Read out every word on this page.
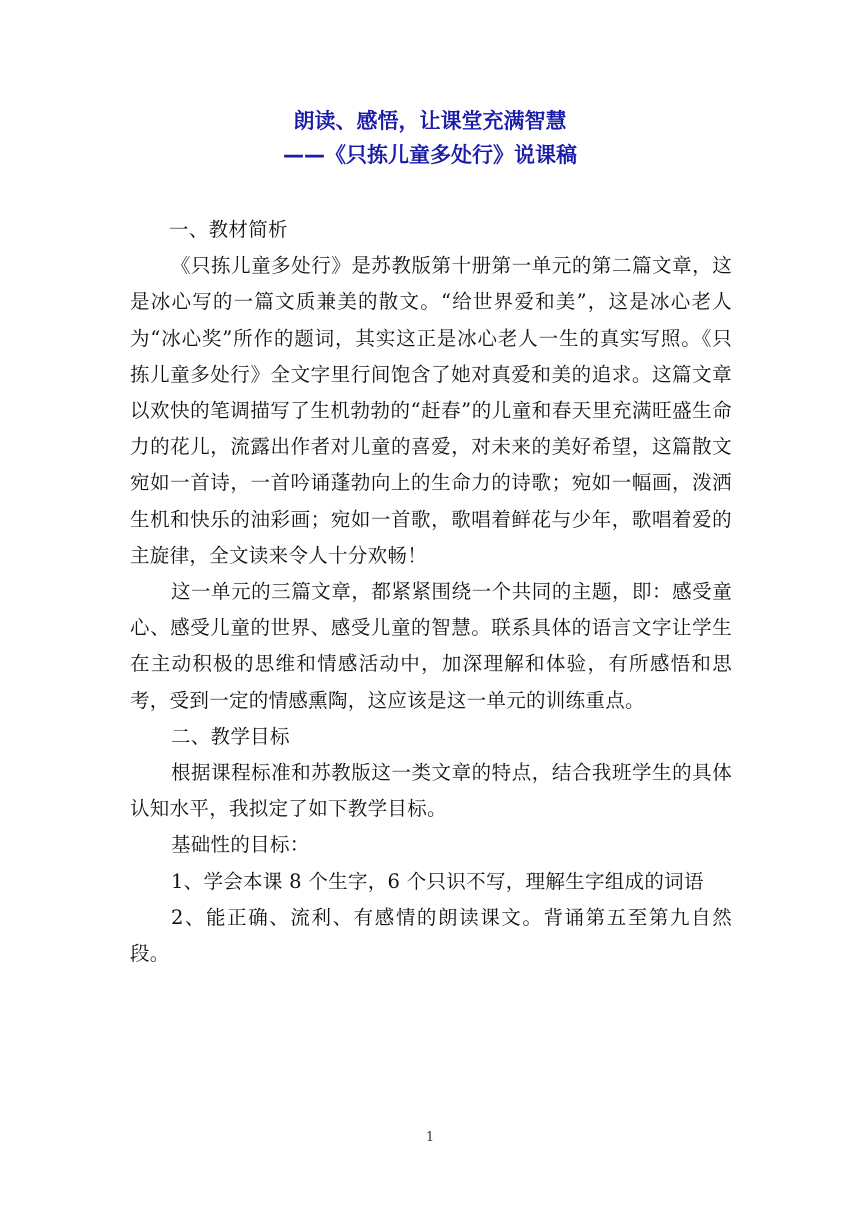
朗读、感悟，让课堂充满智慧
——《只拣儿童多处行》说课稿

一、教材简析

《只拣儿童多处行》是苏教版第十册第一单元的第二篇文章，这是冰心写的一篇文质兼美的散文。“给世界爱和美”，这是冰心老人为“冰心奖”所作的题词，其实这正是冰心老人一生的真实写照。《只拣儿童多处行》全文字里行间饱含了她对真爱和美的追求。这篇文章以欢快的笔调描写了生机勃勃的“赶春”的儿童和春天里充满旺盛生命力的花儿，流露出作者对儿童的喜爱，对未来的美好希望，这篇散文宛如一首诗，一首吟诵蓬勃向上的生命力的诗歌；宛如一幅画，泼洒生机和快乐的油彩画；宛如一首歌，歌唱着鲜花与少年，歌唱着爱的主旋律，全文读来令人十分欢畅！

这一单元的三篇文章，都紧紧围绕一个共同的主题，即：感受童心、感受儿童的世界、感受儿童的智慧。联系具体的语言文字让学生在主动积极的思维和情感活动中，加深理解和体验，有所感悟和思考，受到一定的情感熏陶，这应该是这一单元的训练重点。

二、教学目标

根据课程标准和苏教版这一类文章的特点，结合我班学生的具体认知水平，我拟定了如下教学目标。

基础性的目标：

1、学会本课 8 个生字，6 个只识不写，理解生字组成的词语

2、能正确、流利、有感情的朗读课文。背诵第五至第九自然段。

1
